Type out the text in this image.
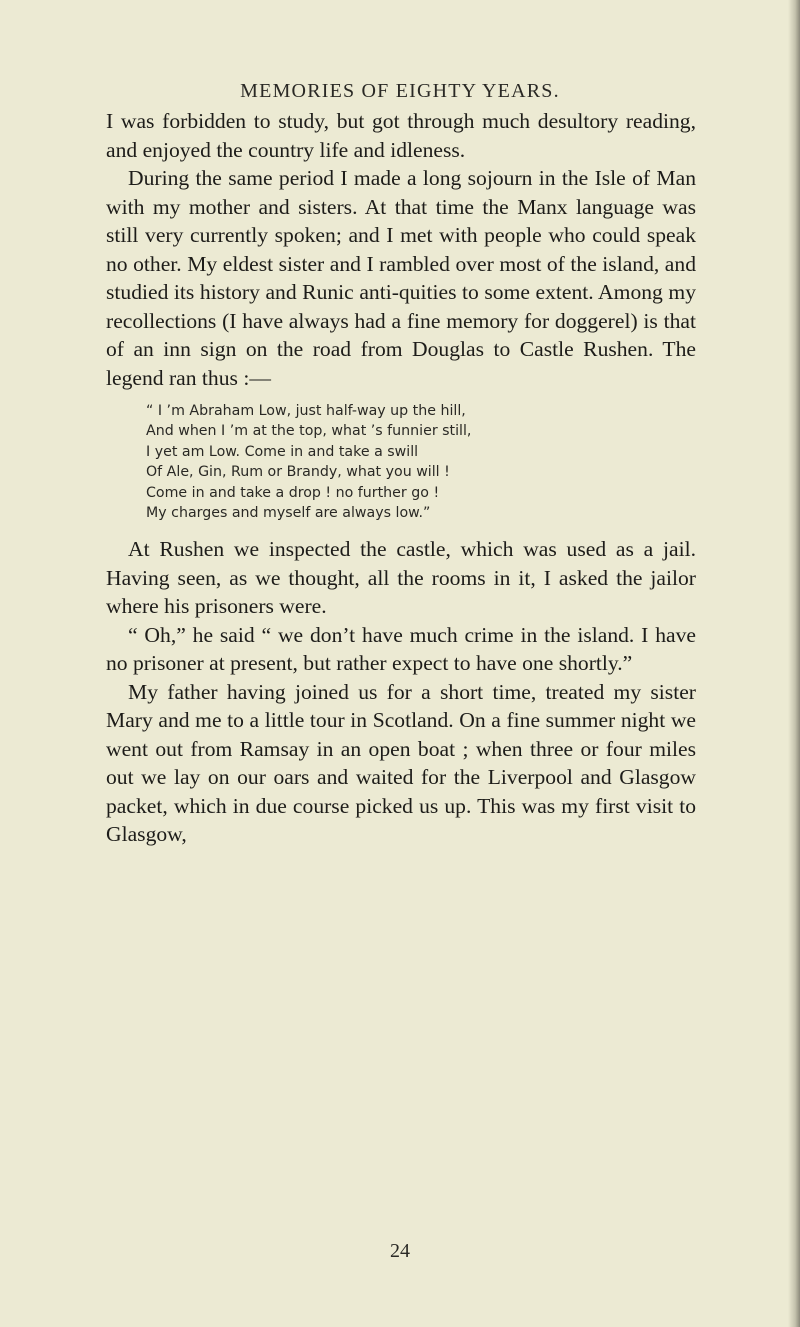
MEMORIES OF EIGHTY YEARS.

I was forbidden to study, but got through much desultory reading, and enjoyed the country life and idleness.

During the same period I made a long sojourn in the Isle of Man with my mother and sisters. At that time the Manx language was still very currently spoken; and I met with people who could speak no other. My eldest sister and I rambled over most of the island, and studied its history and Runic anti-quities to some extent. Among my recollections (I have always had a fine memory for doggerel) is that of an inn sign on the road from Douglas to Castle Rushen. The legend ran thus :—

“ I ’m Abraham Low, just half-way up the hill,
And when I ’m at the top, what ’s funnier still,
I yet am Low. Come in and take a swill
Of Ale, Gin, Rum or Brandy, what you will !
Come in and take a drop ! no further go !
My charges and myself are always low.”

At Rushen we inspected the castle, which was used as a jail. Having seen, as we thought, all the rooms in it, I asked the jailor where his prisoners were.

“ Oh,” he said “ we don’t have much crime in the island. I have no prisoner at present, but rather expect to have one shortly.”

My father having joined us for a short time, treated my sister Mary and me to a little tour in Scotland. On a fine summer night we went out from Ramsay in an open boat ; when three or four miles out we lay on our oars and waited for the Liverpool and Glasgow packet, which in due course picked us up. This was my first visit to Glasgow,

24
